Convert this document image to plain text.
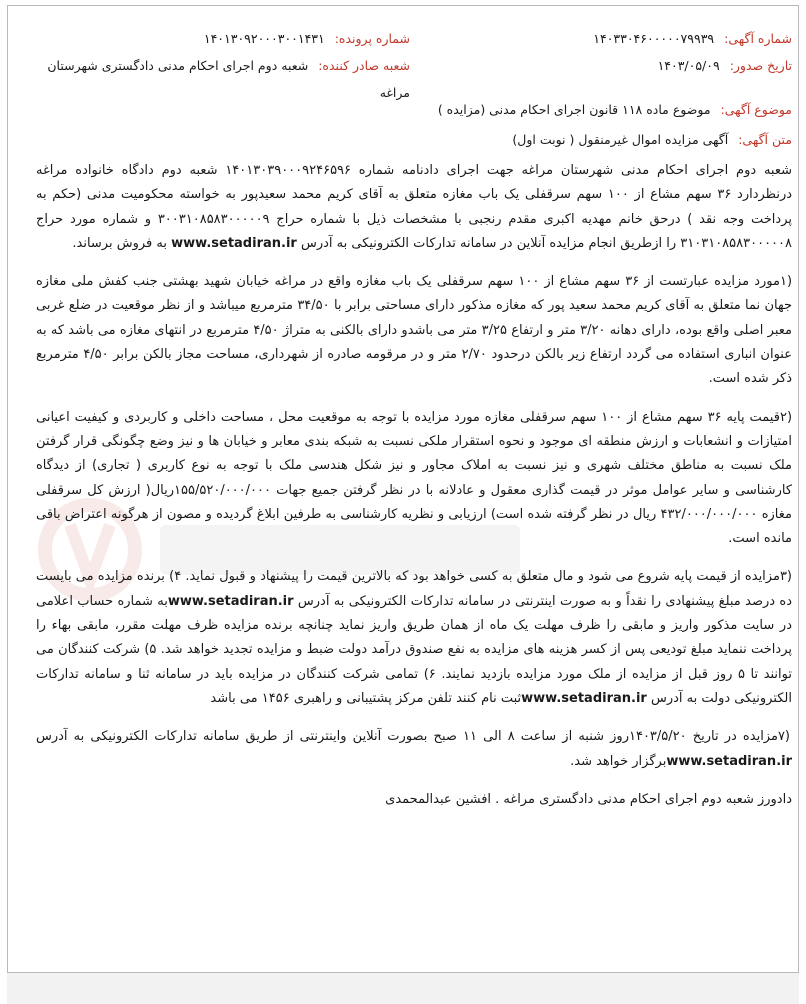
شماره آگهی: ۱۴۰۳۳۰۴۶۰۰۰۰۰۷۹۹۳۹
شماره پرونده: ۱۴۰۱۳۰۹۲۰۰۰۳۰۰۱۴۳۱
تاریخ صدور: ۱۴۰۳/۰۵/۰۹
شعبه صادر کننده: شعبه دوم اجرای احکام مدنی دادگستری شهرستان مراغه
موضوع آگهی: موضوع ماده ۱۱۸ قانون اجرای احکام مدنی (مزایده )
متن آگهی: آگهی مزایده اموال غیرمنقول ( نوبت اول)

شعبه دوم اجرای احکام مدنی شهرستان مراغه جهت اجرای دادنامه شماره ۱۴۰۱۳۰۳۹۰۰۰۹۲۴۶۵۹۶ شعبه دوم دادگاه خانواده مراغه درنظردارد ۳۶ سهم مشاع از ۱۰۰ سهم سرقفلی یک باب مغازه متعلق به آقای کریم محمد سعیدپور به خواسته محکومیت مدنی (حکم به پرداخت وجه نقد ) درحق خانم مهدیه اکبری مقدم رنجبی با مشخصات ذیل با شماره حراج ۳۰۰۳۱۰۸۵۸۳۰۰۰۰۰۹ و شماره مورد حراج ۳۱۰۳۱۰۸۵۸۳۰۰۰۰۰۸ را ازطریق انجام مزایده آنلاین در سامانه تدارکات الکترونیکی به آدرس www.setadiran.ir به فروش برساند.

(۱مورد مزایده عبارتست از ۳۶ سهم مشاع از ۱۰۰ سهم سرقفلی یک باب مغازه واقع در مراغه خیابان شهید بهشتی جنب کفش ملی مغازه جهان نما متعلق به آقای کریم محمد سعید پور که مغازه مذکور دارای مساحتی برابر با ۳۴/۵۰ مترمربع میباشد و از نظر موقعیت در ضلع غربی معبر اصلی واقع بوده، دارای دهانه ۳/۲۰ متر و ارتفاع ۳/۲۵ متر می باشدو دارای بالکنی به متراژ ۴/۵۰ مترمربع در انتهای مغازه می باشد که به عنوان انباری استفاده می گردد ارتفاع زیر بالکن درحدود ۲/۷۰ متر و در مرقومه صادره از شهرداری، مساحت مجاز بالکن برابر ۴/۵۰ مترمربع ذکر شده است.

(۲قیمت پایه ۳۶ سهم مشاع از ۱۰۰ سهم سرقفلی مغازه مورد مزایده با توجه به موقعیت محل ، مساحت داخلی و کاربردی و کیفیت اعیانی امتیازات و انشعابات و ارزش منطقه ای موجود و نحوه استقرار ملکی نسبت به شبکه بندی معابر و خیابان ها و نیز وضع چگونگی قرار گرفتن ملک نسبت به مناطق مختلف شهری و نیز نسبت به املاک مجاور و نیز شکل هندسی ملک با توجه به نوع کاربری ( تجاری) از دیدگاه کارشناسی و سایر عوامل موثر در قیمت گذاری معقول و عادلانه با در نظر گرفتن جمیع جهات ۱۵۵/۵۲۰/۰۰۰/۰۰۰ریال( ارزش کل سرقفلی مغازه ۴۳۲/۰۰۰/۰۰۰/۰۰۰ ریال در نظر گرفته شده است) ارزیابی و نظریه کارشناسی به طرفین ابلاغ گردیده و مصون از هرگونه اعتراض باقی مانده است.

(۳مزایده از قیمت پایه شروع می شود و مال متعلق به کسی خواهد بود که بالاترین قیمت را پیشنهاد و قبول نماید. ۴) برنده مزایده می بایست ده درصد مبلغ پیشنهادی را نقداً و به صورت اینترنتی در سامانه تدارکات الکترونیکی به آدرس www.setadiran.irبه شماره حساب اعلامی در سایت مذکور واریز و مابقی را ظرف مهلت یک ماه از همان طریق واریز نماید چنانچه برنده مزایده ظرف مهلت مقرر، مابقی بهاء را پرداخت ننماید مبلغ تودیعی پس از کسر هزینه های مزایده به نفع صندوق درآمد دولت ضبط و مزایده تجدید خواهد شد. ۵) شرکت کنندگان می توانند تا ۵ روز قبل از مزایده از ملک مورد مزایده بازدید نمایند. ۶) تمامی شرکت کنندگان در مزایده باید در سامانه ثنا و سامانه تدارکات الکترونیکی دولت به آدرس www.setadiran.irثبت نام کنند تلفن مرکز پشتیبانی و راهبری ۱۴۵۶ می باشد

(۷مزایده در تاریخ ۱۴۰۳/۵/۲۰روز شنبه از ساعت ۸ الی ۱۱ صبح بصورت آنلاین واینترنتی از طریق سامانه تدارکات الکترونیکی به آدرس www.setadiran.irبرگزار خواهد شد.

دادورز شعبه دوم اجرای احکام مدنی دادگستری مراغه . افشین عبدالمحمدی
